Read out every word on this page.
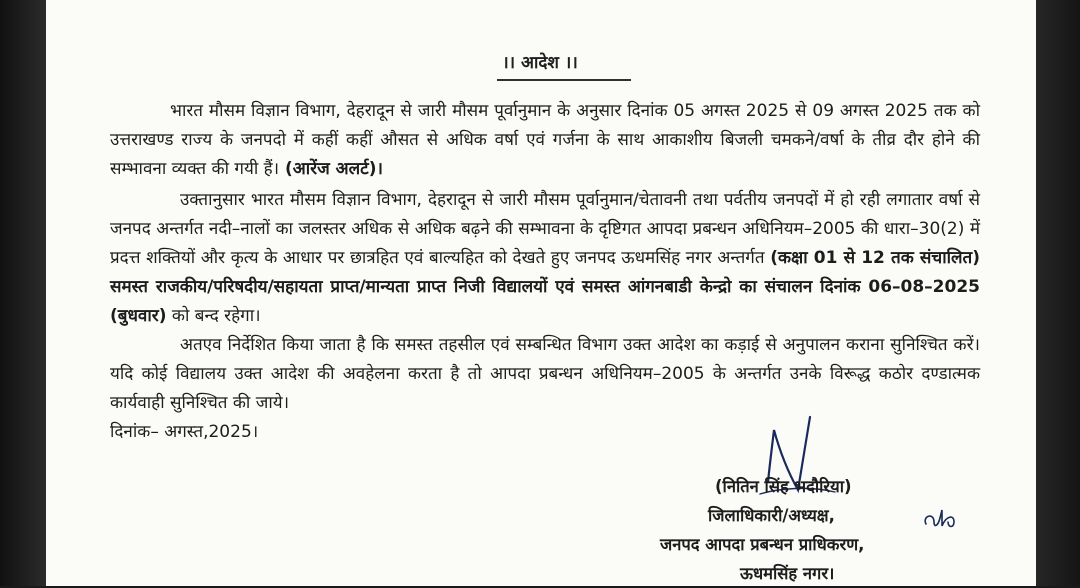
।। आदेश ।।
भारत मौसम विज्ञान विभाग, देहरादून से जारी मौसम पूर्वानुमान के अनुसार दिनांक 05 अगस्त 2025 से 09 अगस्त 2025 तक को उत्तराखण्ड राज्य के जनपदो में कहीं कहीं औसत से अधिक वर्षा एवं गर्जना के साथ आकाशीय बिजली चमकने/वर्षा के तीव्र दौर होने की सम्भावना व्यक्त की गयी हैं। (आरेंज अलर्ट)।
उक्तानुसार भारत मौसम विज्ञान विभाग, देहरादून से जारी मौसम पूर्वानुमान/चेतावनी तथा पर्वतीय जनपदों में हो रही लगातार वर्षा से जनपद अन्तर्गत नदी–नालों का जलस्तर अधिक से अधिक बढ़ने की सम्भावना के दृष्टिगत आपदा प्रबन्धन अधिनियम–2005 की धारा–30(2) में प्रदत्त शक्तियों और कृत्य के आधार पर छात्रहित एवं बाल्यहित को देखते हुए जनपद ऊधमसिंह नगर अन्तर्गत (कक्षा 01 से 12 तक संचालित) समस्त राजकीय/परिषदीय/सहायता प्राप्त/मान्यता प्राप्त निजी विद्यालयों एवं समस्त आंगनबाडी केन्द्रो का संचालन दिनांक 06–08–2025 (बुधवार) को बन्द रहेगा।
अतएव निर्देशित किया जाता है कि समस्त तहसील एवं सम्बन्धित विभाग उक्त आदेश का कड़ाई से अनुपालन कराना सुनिश्चित करें। यदि कोई विद्यालय उक्त आदेश की अवहेलना करता है तो आपदा प्रबन्धन अधिनियम–2005 के अन्तर्गत उनके विरूद्ध कठोर दण्डात्मक कार्यवाही सुनिश्चित की जाये।
दिनांक– अगस्त,2025।
(नितिन सिंह भदौरिया)
जिलाधिकारी/अध्यक्ष,
जनपद आपदा प्रबन्धन प्राधिकरण,
ऊधमसिंह नगर।
